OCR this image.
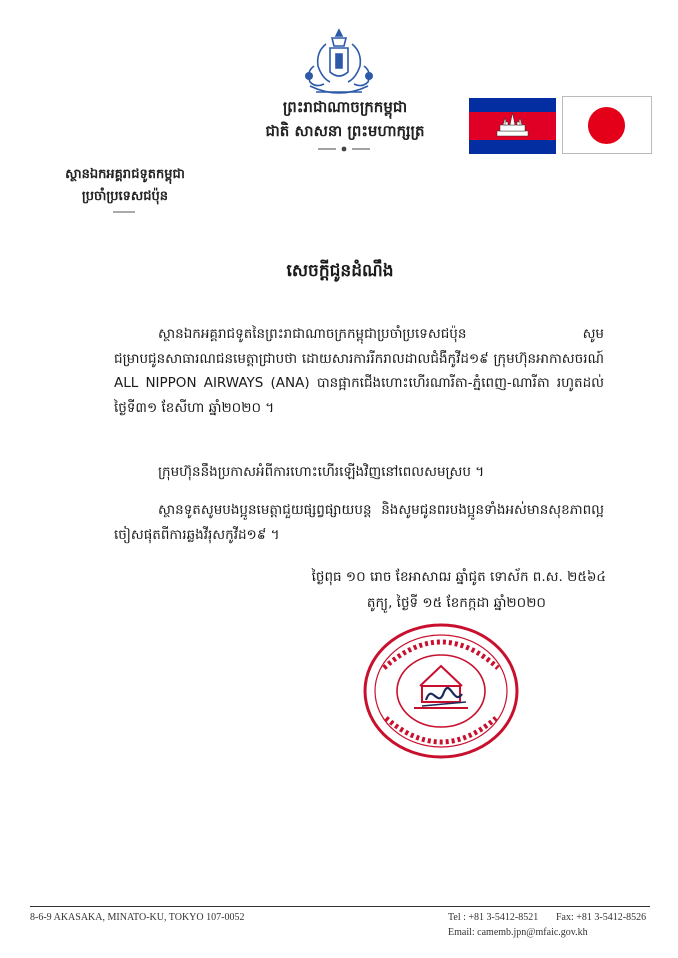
ព្រះរាជាណាចក្រកម្ពុជា
ជាតិ សាសនា ព្រះមហាក្សត្រ
ស្ថានឯកអគ្គរាជទូតកម្ពុជា
ប្រចាំប្រទេសជប៉ុន
សេចក្ដីជូនដំណឹង
ស្ថានឯកអគ្គរាជទូតនៃព្រះរាជាណាចក្រកម្ពុជាប្រចាំប្រទេសជប៉ុន សូមជម្រាបជូនសាធារណជនមេត្តាជ្រាបថា ដោយសារការរីករាលដាលជំងឺកូវីដ១៩ ក្រុមហ៊ុនអាកាសចរណ៍ ALL NIPPON AIRWAYS (ANA) បានផ្អាកជើងហោះហើរណារីតា-ភ្នំពេញ-ណារីតា រហូតដល់ថ្ងៃទី៣១ ខែសីហា ឆ្នាំ២០២០ ។
ក្រុមហ៊ុននឹងប្រកាសអំពីការហោះហើរឡើងវិញនៅពេលសមស្រប ។
ស្ថានទូតសូមបងប្អូនមេត្តាជួយផ្សព្វផ្សាយបន្ត និងសូមជូនពរបងប្អូនទាំងអស់មានសុខភាពល្អ ចៀសផុតពីការឆ្លងវីរុសកូវីដ១៩ ។
ថ្ងៃពុធ ១០ រោច ខែអាសាឍ ឆ្នាំជូត ទោស័ក ព.ស. ២៥៦៤
តូក្យូ, ថ្ងៃទី ១៥ ខែកក្កដា ឆ្នាំ២០២០
8-6-9 AKASAKA, MINATO-KU, TOKYO 107-0052	Tel : +81 3-5412-8521 Fax: +81 3-5412-8526
Email: camemb.jpn@mfaic.gov.kh
